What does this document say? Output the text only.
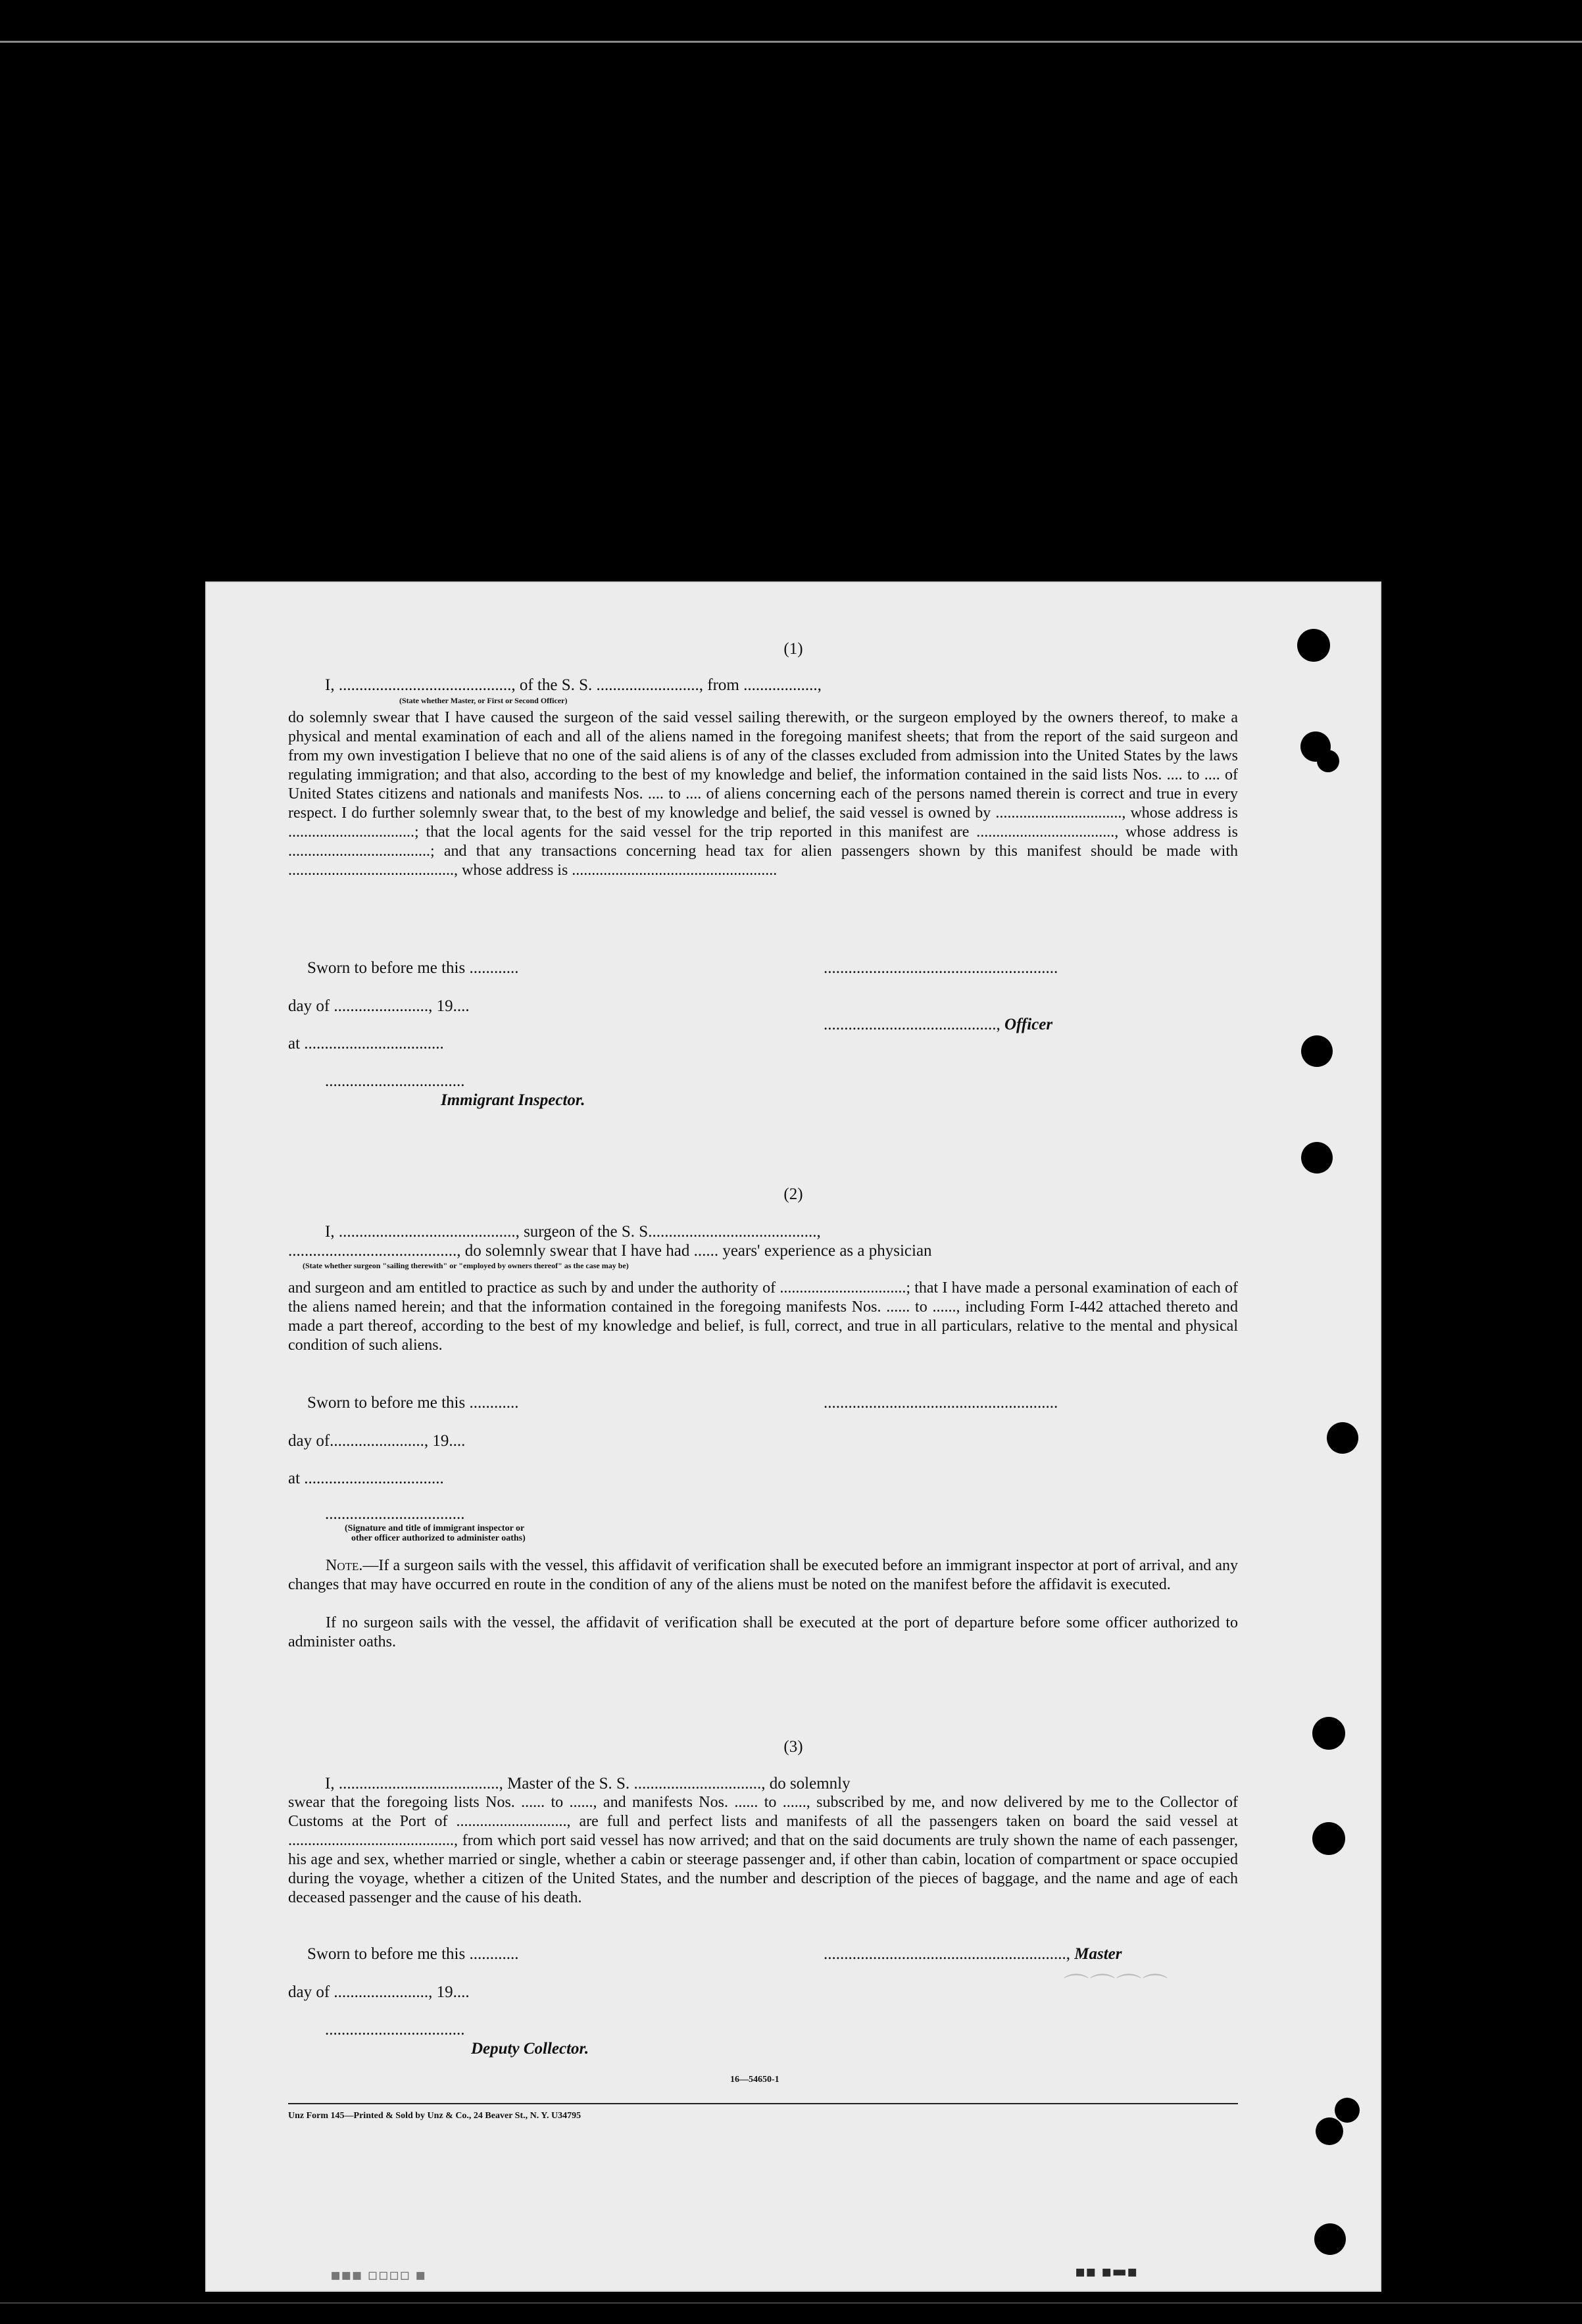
(1)
I, .........................................., of the S. S. ........................., from ..................,
(State whether Master, or First or Second Officer)
do solemnly swear that I have caused the surgeon of the said vessel sailing therewith, or the surgeon employed by the owners thereof, to make a physical and mental examination of each and all of the aliens named in the foregoing manifest sheets; that from the report of the said surgeon and from my own investigation I believe that no one of the said aliens is of any of the classes excluded from admission into the United States by the laws regulating immigration; and that also, according to the best of my knowledge and belief, the information contained in the said lists Nos. .... to .... of United States citizens and nationals and manifests Nos. .... to .... of aliens concerning each of the persons named therein is correct and true in every respect. I do further solemnly swear that, to the best of my knowledge and belief, the said vessel is owned by ................................, whose address is ................................; that the local agents for the said vessel for the trip reported in this manifest are ..................................., whose address is ....................................; and that any transactions concerning head tax for alien passengers shown by this manifest should be made with .........................................., whose address is ....................................................
Sworn to before me this ............	.........................................................
day of ......................., 19....
.........................................., Officer
at ..................................
..................................
Immigrant Inspector.
(2)
I, ..........................................., surgeon of the S. S.........................................,
........................................., do solemnly swear that I have had ...... years' experience as a physician
(State whether surgeon "sailing therewith" or "employed by owners thereof" as the case may be)
and surgeon and am entitled to practice as such by and under the authority of ................................; that I have made a personal examination of each of the aliens named herein; and that the information contained in the foregoing manifests Nos. ...... to ......, including Form I-442 attached thereto and made a part thereof, according to the best of my knowledge and belief, is full, correct, and true in all particulars, relative to the mental and physical condition of such aliens.
Sworn to before me this ............	.........................................................
day of......................., 19....
at ..................................
..................................
(Signature and title of immigrant inspector or
other officer authorized to administer oaths)
Note.—If a surgeon sails with the vessel, this affidavit of verification shall be executed before an immigrant inspector at port of arrival, and any changes that may have occurred en route in the condition of any of the aliens must be noted on the manifest before the affidavit is executed.
If no surgeon sails with the vessel, the affidavit of verification shall be executed at the port of departure before some officer authorized to administer oaths.
(3)
I, ......................................., Master of the S. S. ..............................., do solemnly
swear that the foregoing lists Nos. ...... to ......, and manifests Nos. ...... to ......, subscribed by me, and now delivered by me to the Collector of Customs at the Port of ............................, are full and perfect lists and manifests of all the passengers taken on board the said vessel at .........................................., from which port said vessel has now arrived; and that on the said documents are truly shown the name of each passenger, his age and sex, whether married or single, whether a cabin or steerage passenger and, if other than cabin, location of compartment or space occupied during the voyage, whether a citizen of the United States, and the number and description of the pieces of baggage, and the name and age of each deceased passenger and the cause of his death.
Sworn to before me this ............	..........................................................., Master
day of ......................., 19....
..................................
Deputy Collector.
16—54650-1
Unz Form 145—Printed & Sold by Unz & Co., 24 Beaver St., N. Y. U34795
⌒⌒⌒⌒
▪▪ ▪▬▪
▪▪▪ ▫▫▫▫ ▪
